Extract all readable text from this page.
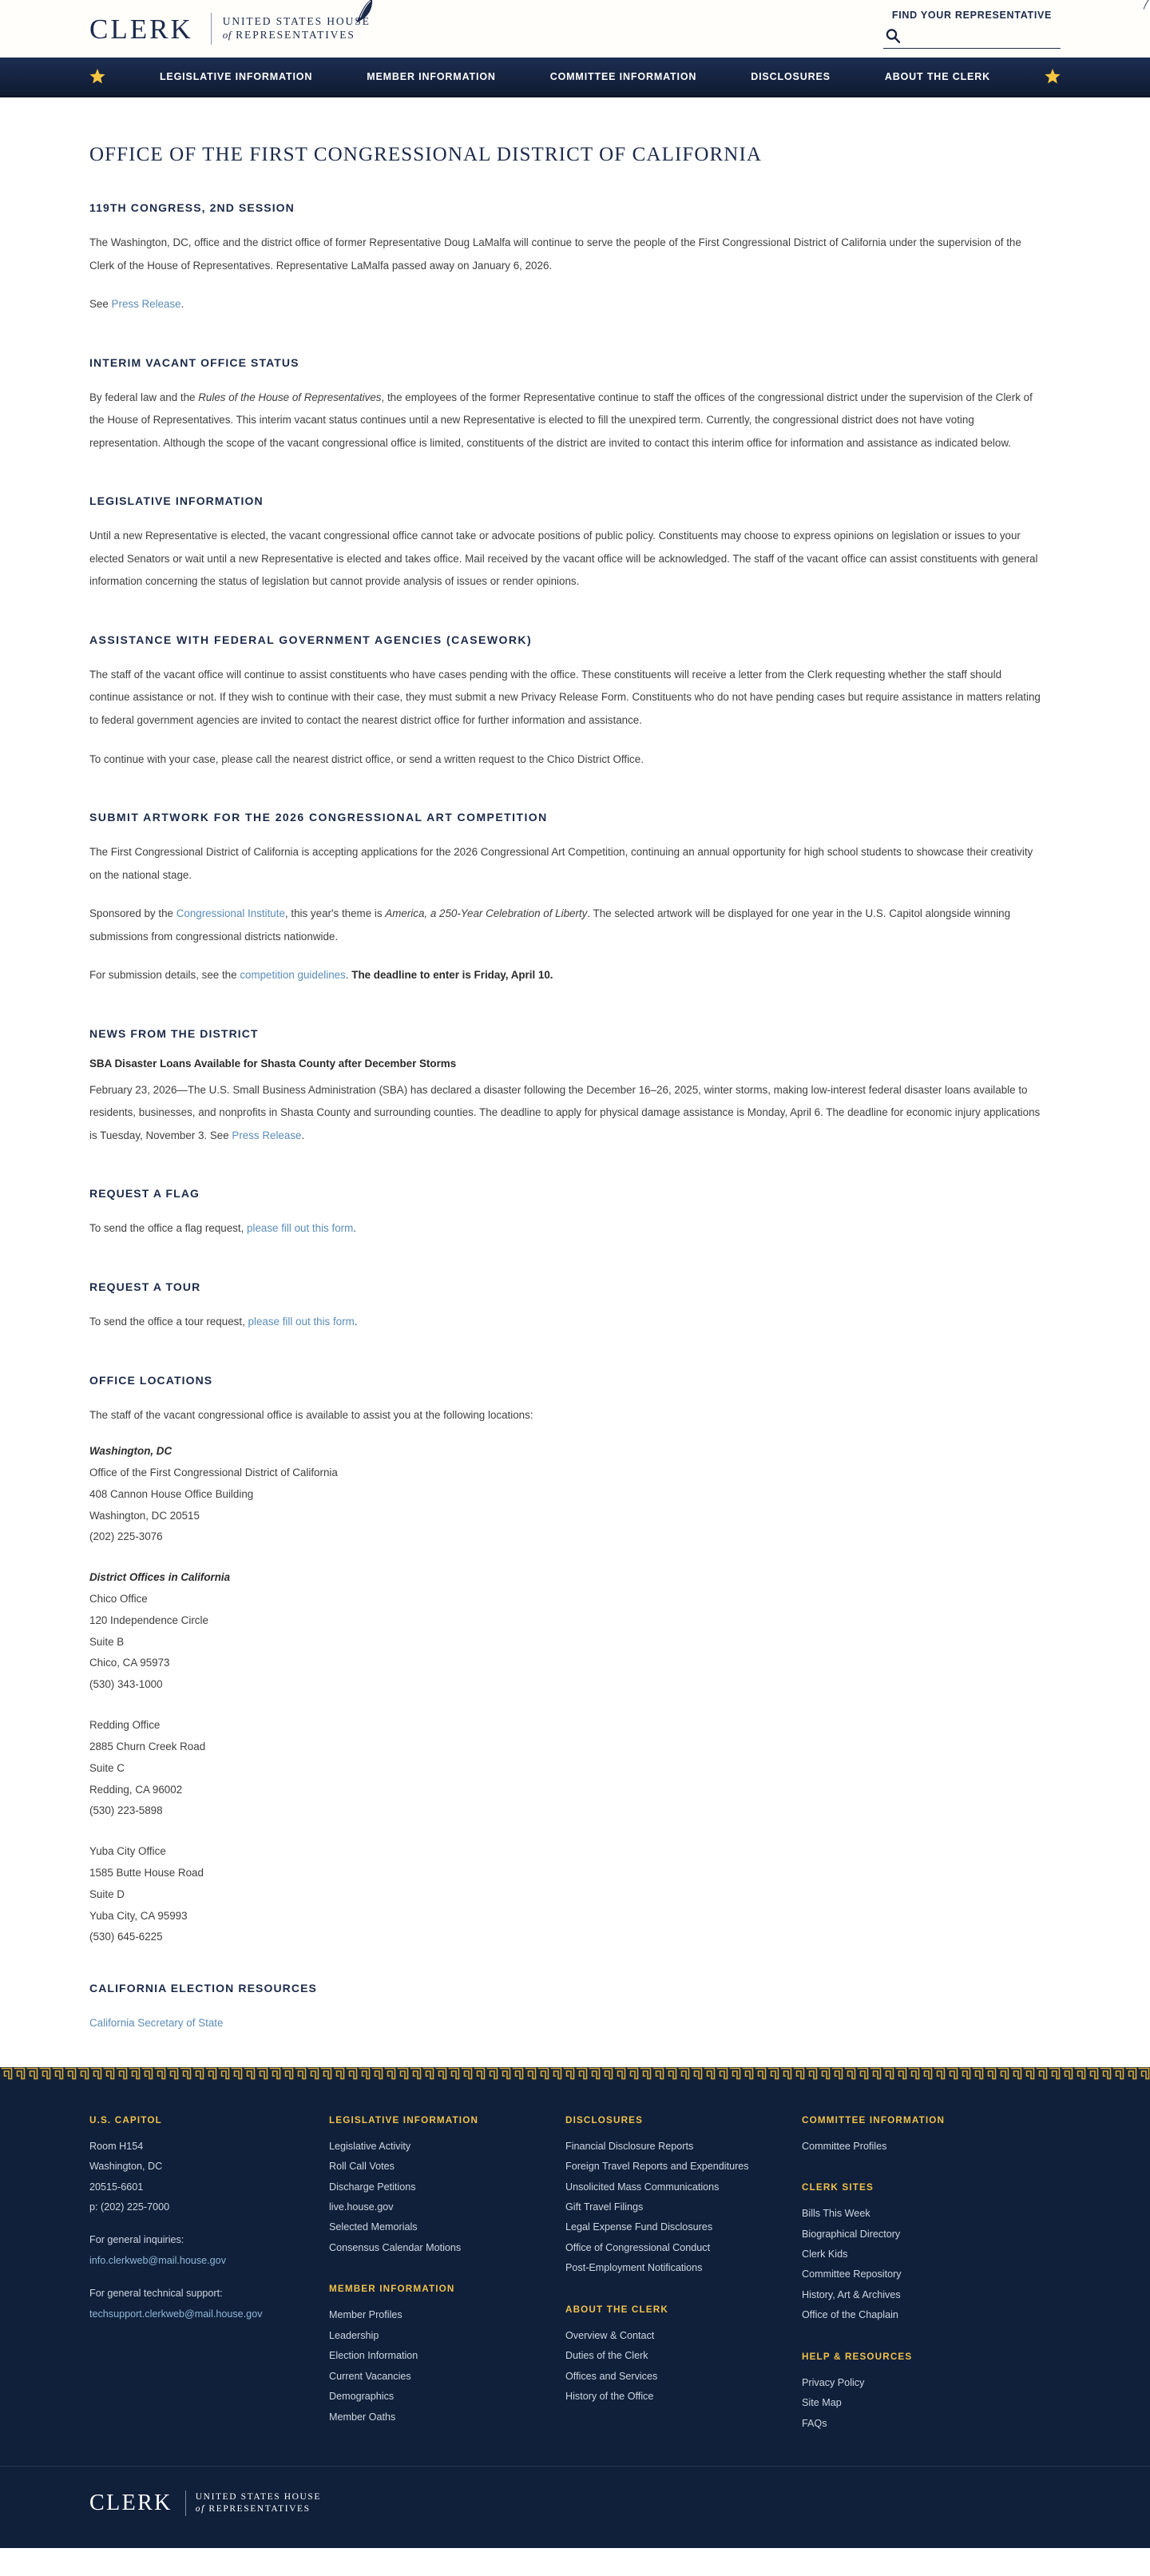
CLERK	UNITED STATES HOUSE
of REPRESENTATIVES
FIND YOUR REPRESENTATIVE
LEGISLATIVE INFORMATION	MEMBER INFORMATION	COMMITTEE INFORMATION	DISCLOSURES	ABOUT THE CLERK
OFFICE OF THE FIRST CONGRESSIONAL DISTRICT OF CALIFORNIA
119TH CONGRESS, 2ND SESSION

The Washington, DC, office and the district office of former Representative Doug LaMalfa will continue to serve the people of the First Congressional District of California under the supervision of the Clerk of the House of Representatives. Representative LaMalfa passed away on January 6, 2026.

See Press Release.

INTERIM VACANT OFFICE STATUS

By federal law and the Rules of the House of Representatives, the employees of the former Representative continue to staff the offices of the congressional district under the supervision of the Clerk of the House of Representatives. This interim vacant status continues until a new Representative is elected to fill the unexpired term. Currently, the congressional district does not have voting representation. Although the scope of the vacant congressional office is limited, constituents of the district are invited to contact this interim office for information and assistance as indicated below.

LEGISLATIVE INFORMATION

Until a new Representative is elected, the vacant congressional office cannot take or advocate positions of public policy. Constituents may choose to express opinions on legislation or issues to your elected Senators or wait until a new Representative is elected and takes office. Mail received by the vacant office will be acknowledged. The staff of the vacant office can assist constituents with general information concerning the status of legislation but cannot provide analysis of issues or render opinions.

ASSISTANCE WITH FEDERAL GOVERNMENT AGENCIES (CASEWORK)

The staff of the vacant office will continue to assist constituents who have cases pending with the office. These constituents will receive a letter from the Clerk requesting whether the staff should continue assistance or not. If they wish to continue with their case, they must submit a new Privacy Release Form. Constituents who do not have pending cases but require assistance in matters relating to federal government agencies are invited to contact the nearest district office for further information and assistance.

To continue with your case, please call the nearest district office, or send a written request to the Chico District Office.

SUBMIT ARTWORK FOR THE 2026 CONGRESSIONAL ART COMPETITION

The First Congressional District of California is accepting applications for the 2026 Congressional Art Competition, continuing an annual opportunity for high school students to showcase their creativity on the national stage.

Sponsored by the Congressional Institute, this year's theme is America, a 250-Year Celebration of Liberty. The selected artwork will be displayed for one year in the U.S. Capitol alongside winning submissions from congressional districts nationwide.

For submission details, see the competition guidelines. The deadline to enter is Friday, April 10.

NEWS FROM THE DISTRICT
SBA Disaster Loans Available for Shasta County after December Storms

February 23, 2026—The U.S. Small Business Administration (SBA) has declared a disaster following the December 16–26, 2025, winter storms, making low-interest federal disaster loans available to residents, businesses, and nonprofits in Shasta County and surrounding counties. The deadline to apply for physical damage assistance is Monday, April 6. The deadline for economic injury applications is Tuesday, November 3. See Press Release.

REQUEST A FLAG

To send the office a flag request, please fill out this form.

REQUEST A TOUR

To send the office a tour request, please fill out this form.

OFFICE LOCATIONS

The staff of the vacant congressional office is available to assist you at the following locations:

Washington, DC
Office of the First Congressional District of California
408 Cannon House Office Building
Washington, DC 20515
(202) 225-3076
District Offices in California
Chico Office
120 Independence Circle
Suite B
Chico, CA 95973
(530) 343-1000
Redding Office
2885 Churn Creek Road
Suite C
Redding, CA 96002
(530) 223-5898
Yuba City Office
1585 Butte House Road
Suite D
Yuba City, CA 95993
(530) 645-6225
CALIFORNIA ELECTION RESOURCES

California Secretary of State

U.S. CAPITOL
Room H154
Washington, DC
20515-6601
p: (202) 225-7000
For general inquiries:
info.clerkweb@mail.house.gov
For general technical support:
techsupport.clerkweb@mail.house.gov
LEGISLATIVE INFORMATION
Legislative Activity
Roll Call Votes
Discharge Petitions
live.house.gov
Selected Memorials
Consensus Calendar Motions
MEMBER INFORMATION
Member Profiles
Leadership
Election Information
Current Vacancies
Demographics
Member Oaths
DISCLOSURES
Financial Disclosure Reports
Foreign Travel Reports and Expenditures
Unsolicited Mass Communications
Gift Travel Filings
Legal Expense Fund Disclosures
Office of Congressional Conduct
Post-Employment Notifications
ABOUT THE CLERK
Overview & Contact
Duties of the Clerk
Offices and Services
History of the Office
COMMITTEE INFORMATION
Committee Profiles
CLERK SITES
Bills This Week
Biographical Directory
Clerk Kids
Committee Repository
History, Art & Archives
Office of the Chaplain
HELP & RESOURCES
Privacy Policy
Site Map
FAQs
CLERK	UNITED STATES HOUSE
of REPRESENTATIVES
